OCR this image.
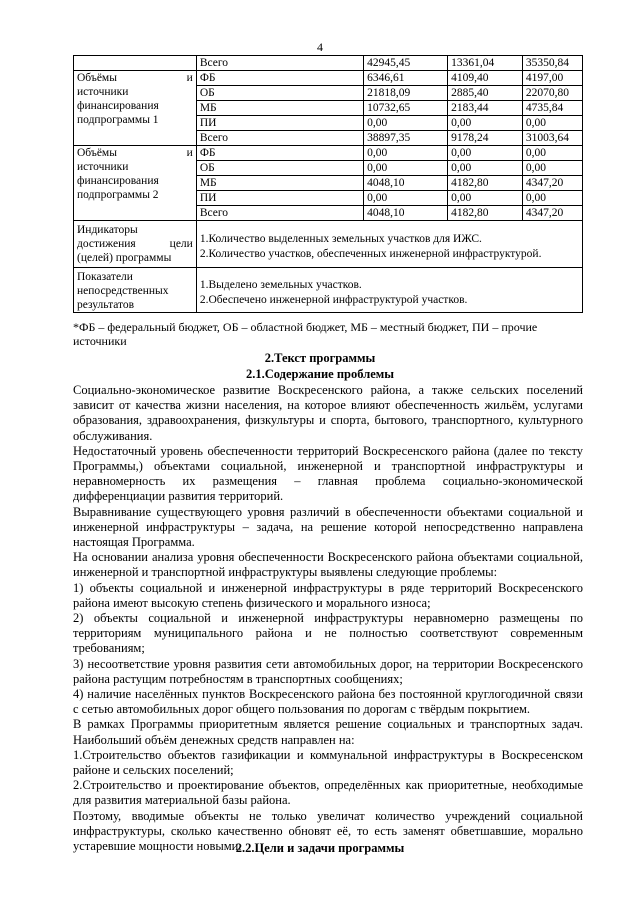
4
	Всего	42945,45	13361,04	35350,84

Объёмы и
источники
финансирования
подпрограммы 1	ФБ	6346,61	4109,40	4197,00
	ОБ	21818,09	2885,40	22070,80
	МБ	10732,65	2183,44	4735,84
	ПИ	0,00	0,00	0,00
	Всего	38897,35	9178,24	31003,64

Объёмы и
источники
финансирования
подпрограммы 2	ФБ	0,00	0,00	0,00
	ОБ	0,00	0,00	0,00
	МБ	4048,10	4182,80	4347,20
	ПИ	0,00	0,00	0,00
	Всего	4048,10	4182,80	4347,20
Индикаторы достижения цели (целей) программы	1.Количество выделенных земельных участков для ИЖС.
2.Количество участков, обеспеченных инженерной инфраструктурой.			

Показатели непосредственных результатов	1.Выделено земельных участков.
2.Обеспечено инженерной инфраструктурой участков.			
*ФБ – федеральный бюджет, ОБ – областной бюджет, МБ – местный бюджет, ПИ – прочие источники
2.Текст программы
2.1.Содержание проблемы

Социально-экономическое развитие Воскресенского района, а также сельских поселений зависит от качества жизни населения, на которое влияют обеспеченность жильём, услугами образования, здравоохранения, физкультуры и спорта, бытового, транспортного, культурного обслуживания.

Недостаточный уровень обеспеченности территорий Воскресенского района (далее по тексту Программы,) объектами социальной, инженерной и транспортной инфраструктуры и неравномерность их размещения – главная проблема социально-экономической дифференциации развития территорий.

Выравнивание существующего уровня различий в обеспеченности объектами социальной и инженерной инфраструктуры – задача, на решение которой непосредственно направлена настоящая Программа.

На основании анализа уровня обеспеченности Воскресенского района объектами социальной, инженерной и транспортной инфраструктуры выявлены следующие проблемы:

1) объекты социальной и инженерной инфраструктуры в ряде территорий Воскресенского района имеют высокую степень физического и морального износа;

2) объекты социальной и инженерной инфраструктуры неравномерно размещены по территориям муниципального района и не полностью соответствуют современным требованиям;

3) несоответствие уровня развития сети автомобильных дорог, на территории Воскресенского района растущим потребностям в транспортных сообщениях;

4) наличие населённых пунктов Воскресенского района без постоянной круглогодичной связи с сетью автомобильных дорог общего пользования по дорогам с твёрдым покрытием.

В рамках Программы приоритетным является решение социальных и транспортных задач. Наибольший объём денежных средств направлен на:

1.Строительство объектов газификации и коммунальной инфраструктуры в Воскресенском районе и сельских поселений;

2.Строительство и проектирование объектов, определённых как приоритетные, необходимые для развития материальной базы района.

Поэтому, вводимые объекты не только увеличат количество учреждений социальной инфраструктуры, сколько качественно обновят её, то есть заменят обветшавшие, морально устаревшие мощности новыми.

2.2.Цели и задачи программы
